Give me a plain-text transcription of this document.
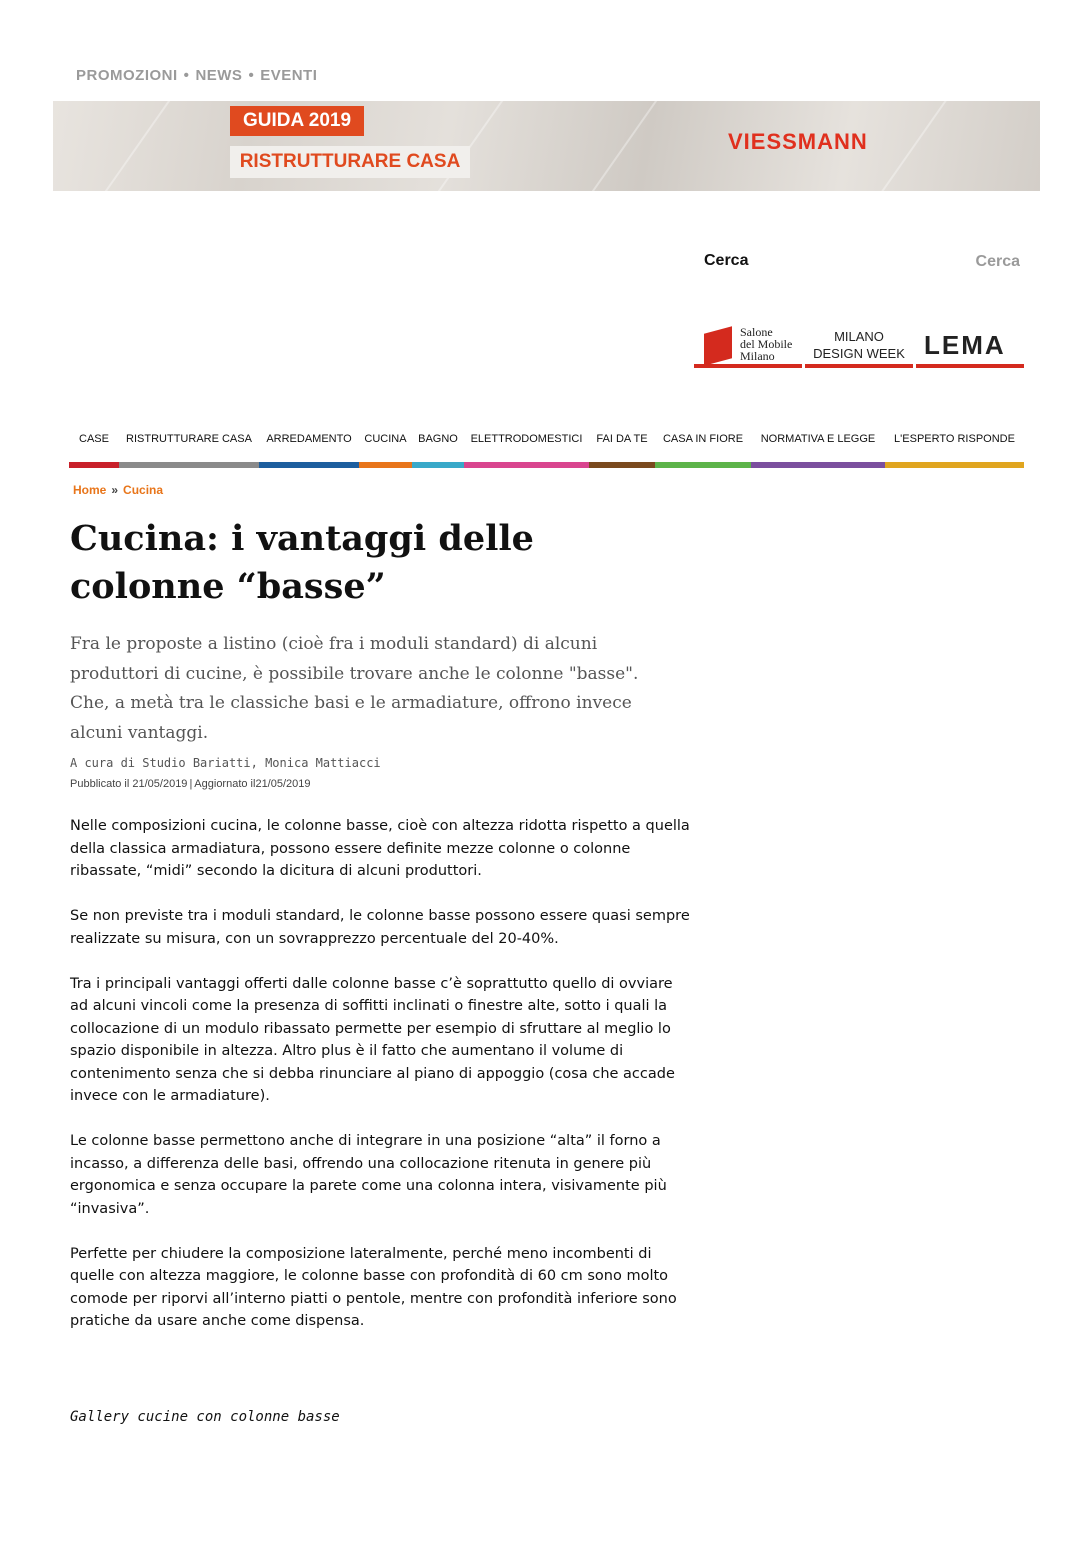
PROMOZIONI • NEWS • EVENTI
GUIDA 2019
RISTRUTTURARE CASA
VIESSMANN
Cerca
Cerca
Salone
del Mobile
Milano
MILANO
DESIGN WEEK LEMA
CASE	RISTRUTTURARE CASA	ARREDAMENTO	CUCINA	BAGNO	ELETTRODOMESTICI	FAI DA TE	CASA IN FIORE	NORMATIVA E LEGGE	L'ESPERTO RISPONDE
Home » Cucina
Cucina: i vantaggi delle colonne “basse”
Fra le proposte a listino (cioè fra i moduli standard) di alcuni produttori di cucine, è possibile trovare anche le colonne "basse". Che, a metà tra le classiche basi e le armadiature, offrono invece alcuni vantaggi.
A cura di Studio Bariatti, Monica Mattiacci
Pubblicato il 21/05/2019 | Aggiornato il21/05/2019

Nelle composizioni cucina, le colonne basse, cioè con altezza ridotta rispetto a quella della classica armadiatura, possono essere definite mezze colonne o colonne ribassate, “midi” secondo la dicitura di alcuni produttori.

Se non previste tra i moduli standard, le colonne basse possono essere quasi sempre realizzate su misura, con un sovrapprezzo percentuale del 20-40%.

Tra i principali vantaggi offerti dalle colonne basse c’è soprattutto quello di ovviare ad alcuni vincoli come la presenza di soffitti inclinati o finestre alte, sotto i quali la collocazione di un modulo ribassato permette per esempio di sfruttare al meglio lo spazio disponibile in altezza. Altro plus è il fatto che aumentano il volume di contenimento senza che si debba rinunciare al piano di appoggio (cosa che accade invece con le armadiature).

Le colonne basse permettono anche di integrare in una posizione “alta” il forno a incasso, a differenza delle basi, offrendo una collocazione ritenuta in genere più ergonomica e senza occupare la parete come una colonna intera, visivamente più “invasiva”.

Perfette per chiudere la composizione lateralmente, perché meno incombenti di quelle con altezza maggiore, le colonne basse con profondità di 60 cm sono molto comode per riporvi all’interno piatti o pentole, mentre con profondità inferiore sono pratiche da usare anche come dispensa.

Gallery cucine con colonne basse
